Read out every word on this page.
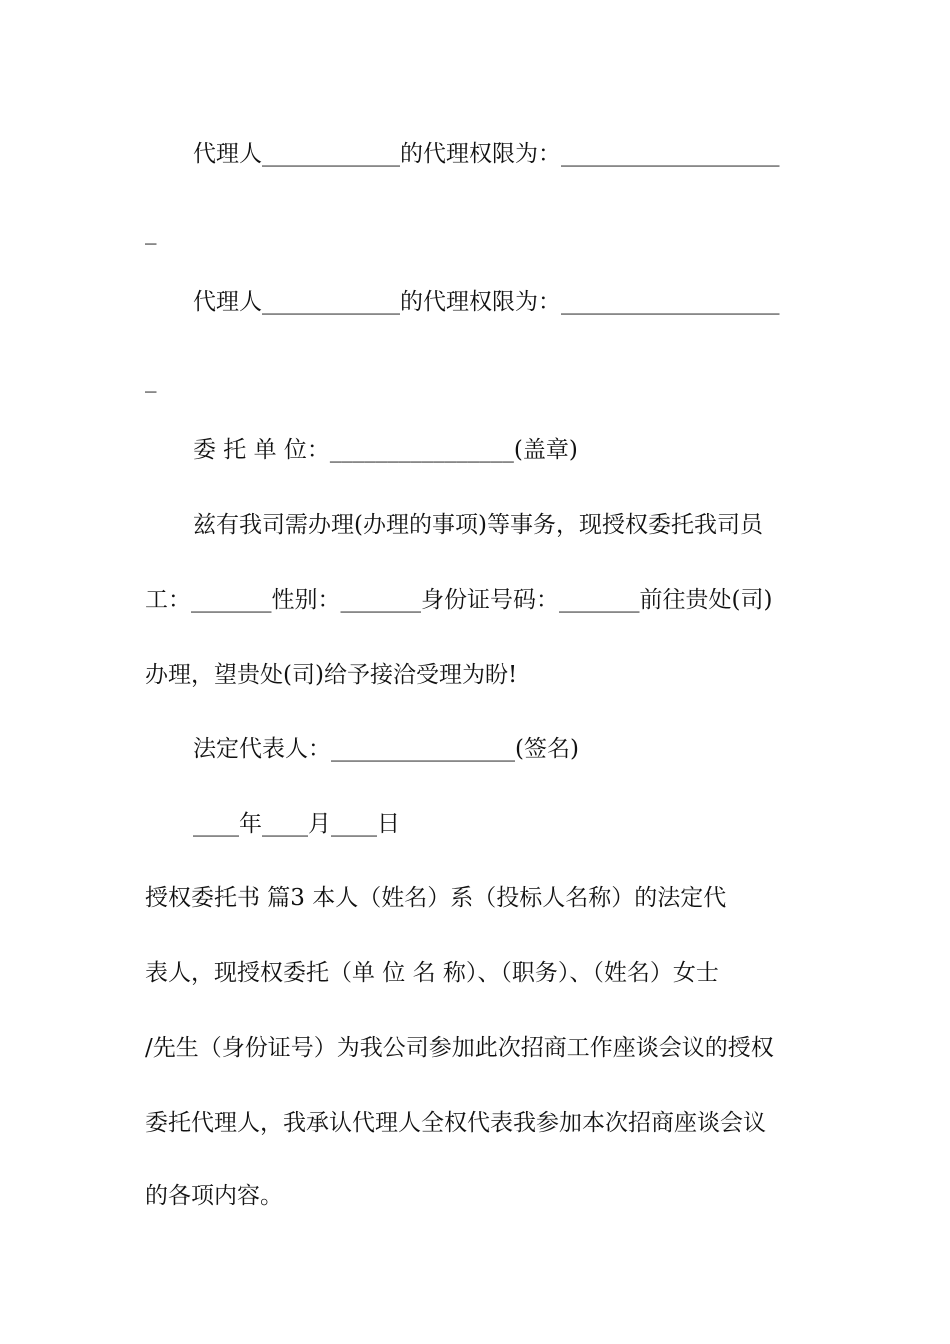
代理人____________的代理权限为：___________________
_
代理人____________的代理权限为：___________________
_
委 托 单 位：________________(盖章)
兹有我司需办理(办理的事项)等事务，现授权委托我司员
工：_______性别：_______身份证号码：_______前往贵处(司)
办理，望贵处(司)给予接洽受理为盼!
法定代表人：________________(签名)
____年____月____日
授权委托书 篇3 本人（姓名）系（投标人名称）的法定代
表人，现授权委托（单 位 名 称）、（职务）、（姓名）女士
/先生（身份证号）为我公司参加此次招商工作座谈会议的授权
委托代理人，我承认代理人全权代表我参加本次招商座谈会议
的各项内容。
